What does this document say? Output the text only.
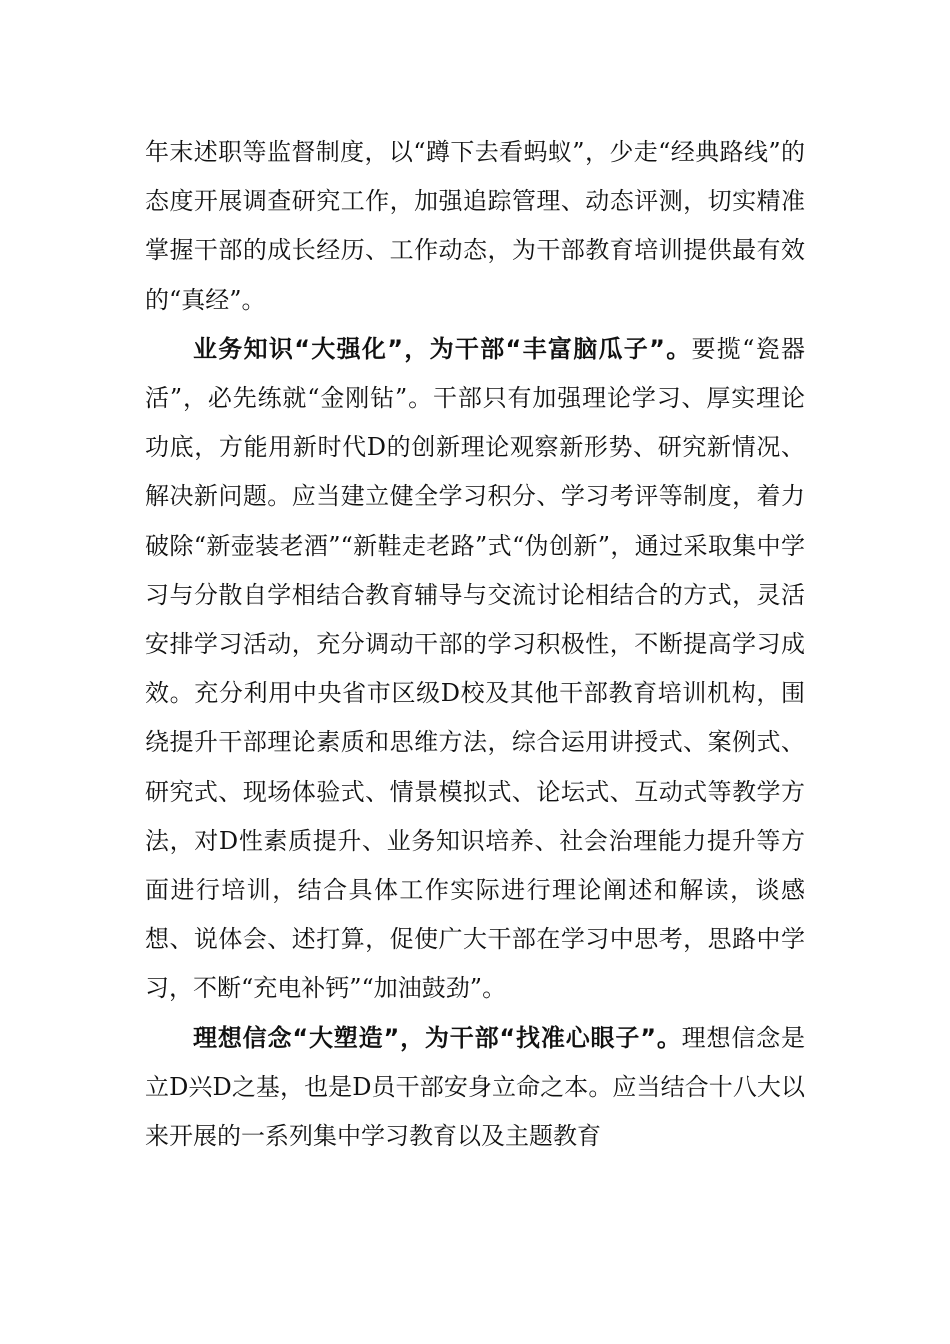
年末述职等监督制度，以“蹲下去看蚂蚁”，少走“经典路线”的态度开展调查研究工作，加强追踪管理、动态评测，切实精准掌握干部的成长经历、工作动态，为干部教育培训提供最有效的“真经”。

业务知识“大强化”，为干部“丰富脑瓜子”。要揽“瓷器活”，必先练就“金刚钻”。干部只有加强理论学习、厚实理论功底，方能用新时代D的创新理论观察新形势、研究新情况、解决新问题。应当建立健全学习积分、学习考评等制度，着力破除“新壶装老酒”“新鞋走老路”式“伪创新”，通过采取集中学习与分散自学相结合教育辅导与交流讨论相结合的方式，灵活安排学习活动，充分调动干部的学习积极性，不断提高学习成效。充分利用中央省市区级D校及其他干部教育培训机构，围绕提升干部理论素质和思维方法，综合运用讲授式、案例式、研究式、现场体验式、情景模拟式、论坛式、互动式等教学方法，对D性素质提升、业务知识培养、社会治理能力提升等方面进行培训，结合具体工作实际进行理论阐述和解读，谈感想、说体会、述打算，促使广大干部在学习中思考，思路中学习，不断“充电补钙”“加油鼓劲”。

理想信念“大塑造”，为干部“找准心眼子”。理想信念是立D兴D之基，也是D员干部安身立命之本。应当结合十八大以来开展的一系列集中学习教育以及主题教育
